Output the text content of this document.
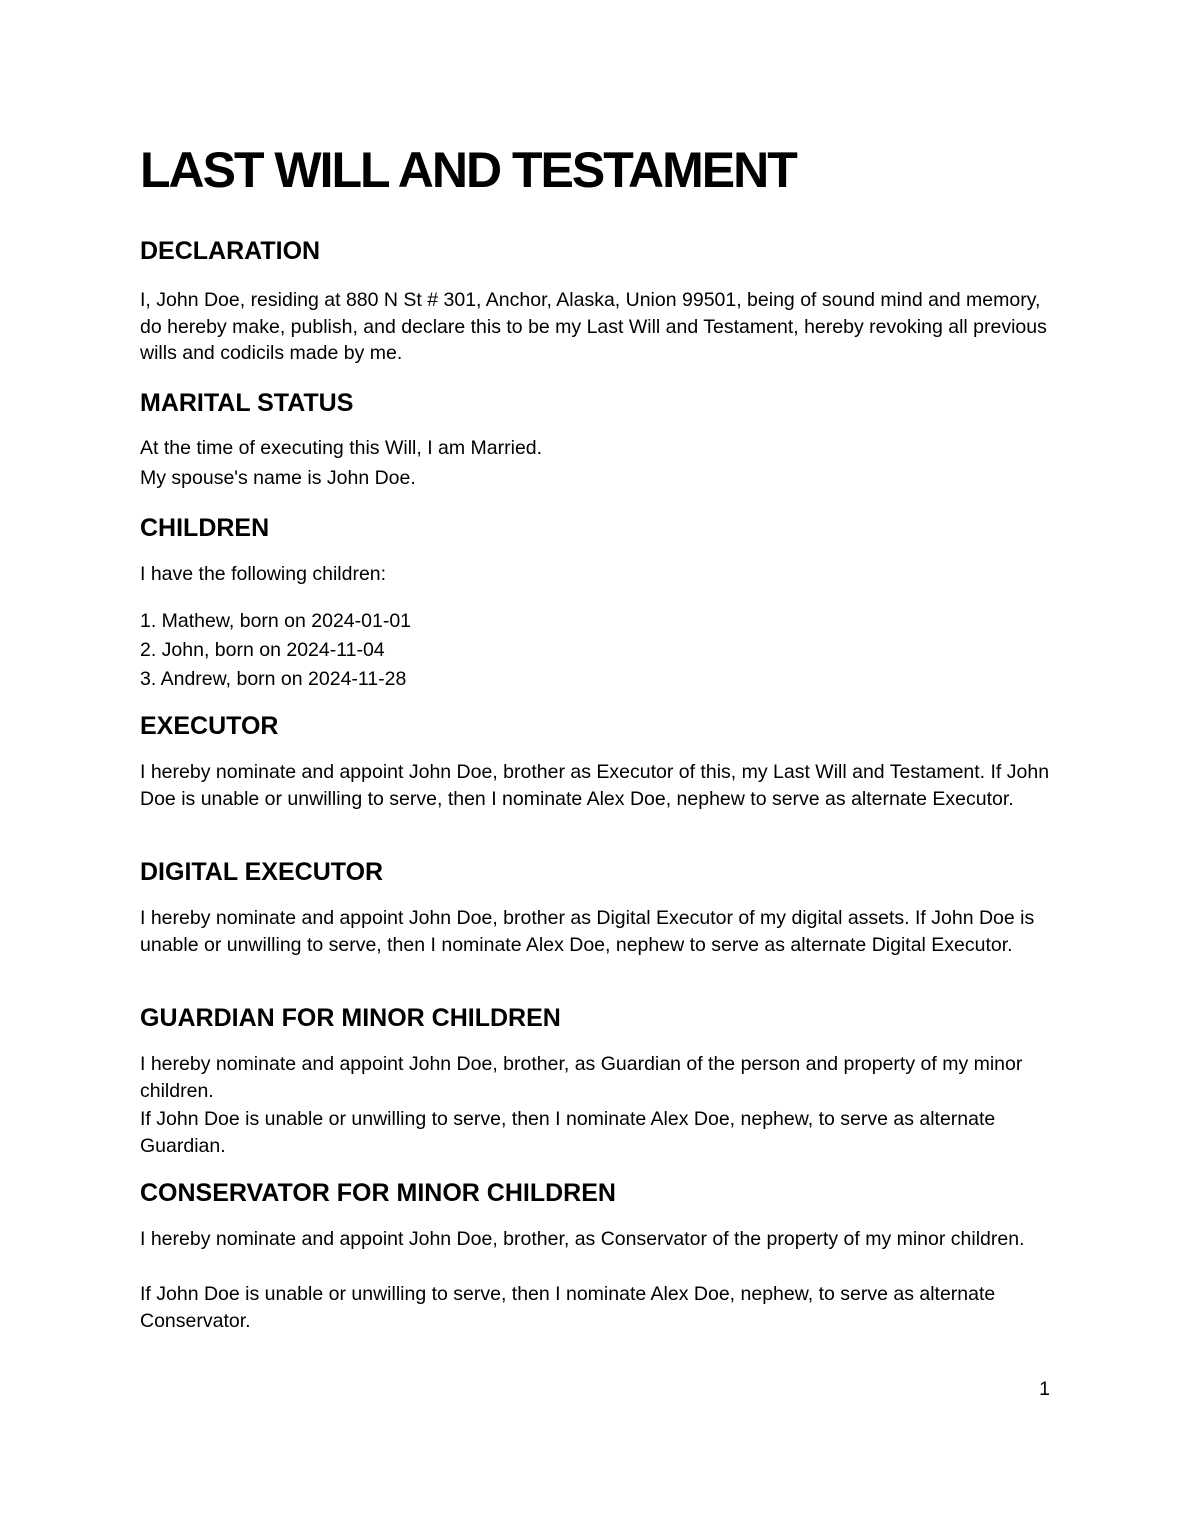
LAST WILL AND TESTAMENT
DECLARATION

I, John Doe, residing at 880 N St # 301, Anchor, Alaska, Union 99501, being of sound mind and memory, do hereby make, publish, and declare this to be my Last Will and Testament, hereby revoking all previous wills and codicils made by me.

MARITAL STATUS

At the time of executing this Will, I am Married.

My spouse's name is John Doe.

CHILDREN

I have the following children:

1. Mathew, born on 2024-01-01

2. John, born on 2024-11-04

3. Andrew, born on 2024-11-28

EXECUTOR

I hereby nominate and appoint John Doe, brother as Executor of this, my Last Will and Testament. If John Doe is unable or unwilling to serve, then I nominate Alex Doe, nephew to serve as alternate Executor.

DIGITAL EXECUTOR

I hereby nominate and appoint John Doe, brother as Digital Executor of my digital assets. If John Doe is unable or unwilling to serve, then I nominate Alex Doe, nephew to serve as alternate Digital Executor.

GUARDIAN FOR MINOR CHILDREN

I hereby nominate and appoint John Doe, brother, as Guardian of the person and property of my minor children.

If John Doe is unable or unwilling to serve, then I nominate Alex Doe, nephew, to serve as alternate Guardian.

CONSERVATOR FOR MINOR CHILDREN

I hereby nominate and appoint John Doe, brother, as Conservator of the property of my minor children.

If John Doe is unable or unwilling to serve, then I nominate Alex Doe, nephew, to serve as alternate Conservator.

1
